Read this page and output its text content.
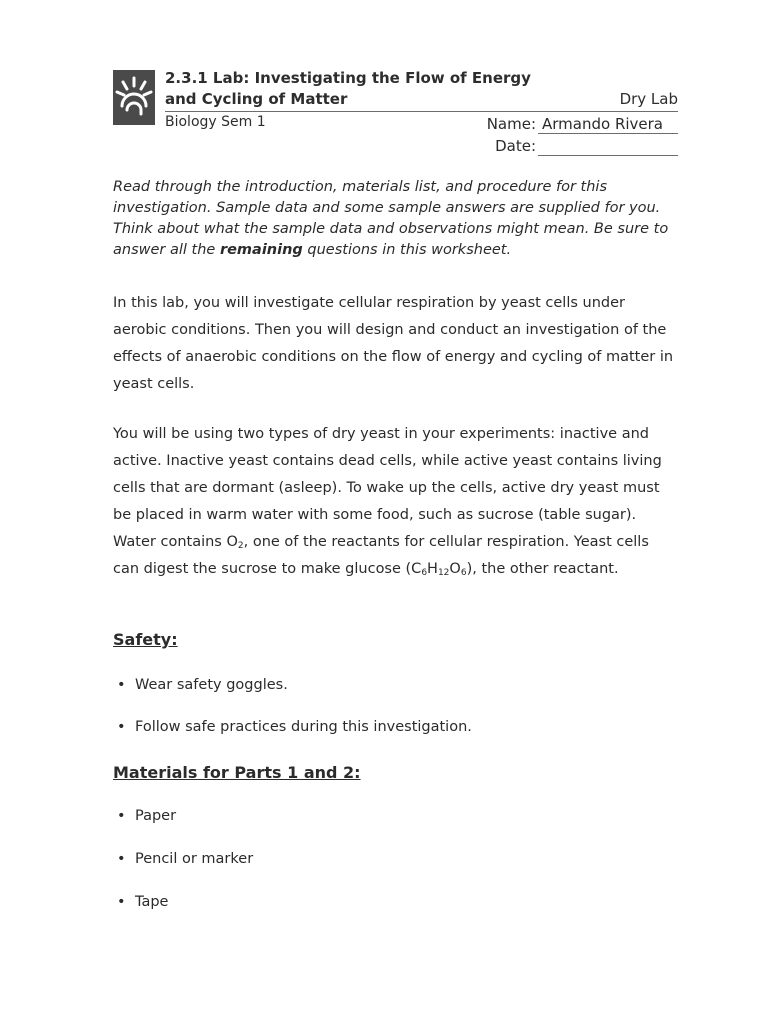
2.3.1 Lab: Investigating the Flow of Energy
and Cycling of Matter	Dry Lab
Biology Sem 1	Name: Armando Rivera
Date:
Read through the introduction, materials list, and procedure for this investigation. Sample data and some sample answers are supplied for you. Think about what the sample data and observations might mean. Be sure to answer all the remaining questions in this worksheet.
In this lab, you will investigate cellular respiration by yeast cells under aerobic conditions. Then you will design and conduct an investigation of the effects of anaerobic conditions on the flow of energy and cycling of matter in yeast cells.
You will be using two types of dry yeast in your experiments: inactive and active. Inactive yeast contains dead cells, while active yeast contains living cells that are dormant (asleep). To wake up the cells, active dry yeast must be placed in warm water with some food, such as sucrose (table sugar). Water contains $O_2$, one of the reactants for cellular respiration. Yeast cells can digest the sucrose to make glucose $(C_6H_{12}O_6)$, the other reactant.
Safety:
• Wear safety goggles.
• Follow safe practices during this investigation.
Materials for Parts 1 and 2:
• Paper
• Pencil or marker
• Tape
